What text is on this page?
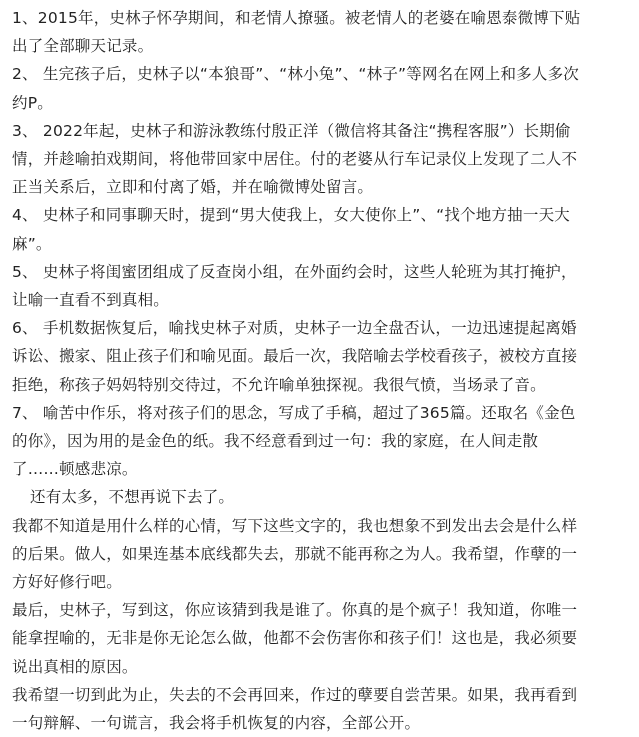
1、2015年，史林子怀孕期间，和老情人撩骚。被老情人的老婆在喻恩泰微博下贴
出了全部聊天记录。

2、 生完孩子后，史林子以“本狼哥”、“林小兔”、“林子”等网名在网上和多人多次
约P。

3、 2022年起，史林子和游泳教练付殷正洋（微信将其备注“携程客服”）长期偷
情，并趁喻拍戏期间，将他带回家中居住。付的老婆从行车记录仪上发现了二人不
正当关系后，立即和付离了婚，并在喻微博处留言。

4、 史林子和同事聊天时，提到“男大使我上，女大使你上”、“找个地方抽一天大
麻”。

5、 史林子将闺蜜团组成了反查岗小组，在外面约会时，这些人轮班为其打掩护，
让喻一直看不到真相。

6、 手机数据恢复后，喻找史林子对质，史林子一边全盘否认，一边迅速提起离婚
诉讼、搬家、阻止孩子们和喻见面。最后一次，我陪喻去学校看孩子，被校方直接
拒绝，称孩子妈妈特别交待过，不允许喻单独探视。我很气愤，当场录了音。

7、 喻苦中作乐，将对孩子们的思念，写成了手稿，超过了365篇。还取名《金色
的你》，因为用的是金色的纸。我不经意看到过一句：我的家庭，在人间走散
了……顿感悲凉。

还有太多，不想再说下去了。

我都不知道是用什么样的心情，写下这些文字的，我也想象不到发出去会是什么样
的后果。做人，如果连基本底线都失去，那就不能再称之为人。我希望，作孽的一
方好好修行吧。

最后，史林子，写到这，你应该猜到我是谁了。你真的是个疯子！我知道，你唯一
能拿捏喻的，无非是你无论怎么做，他都不会伤害你和孩子们！这也是，我必须要
说出真相的原因。

我希望一切到此为止，失去的不会再回来，作过的孽要自尝苦果。如果，我再看到
一句辩解、一句谎言，我会将手机恢复的内容，全部公开。
